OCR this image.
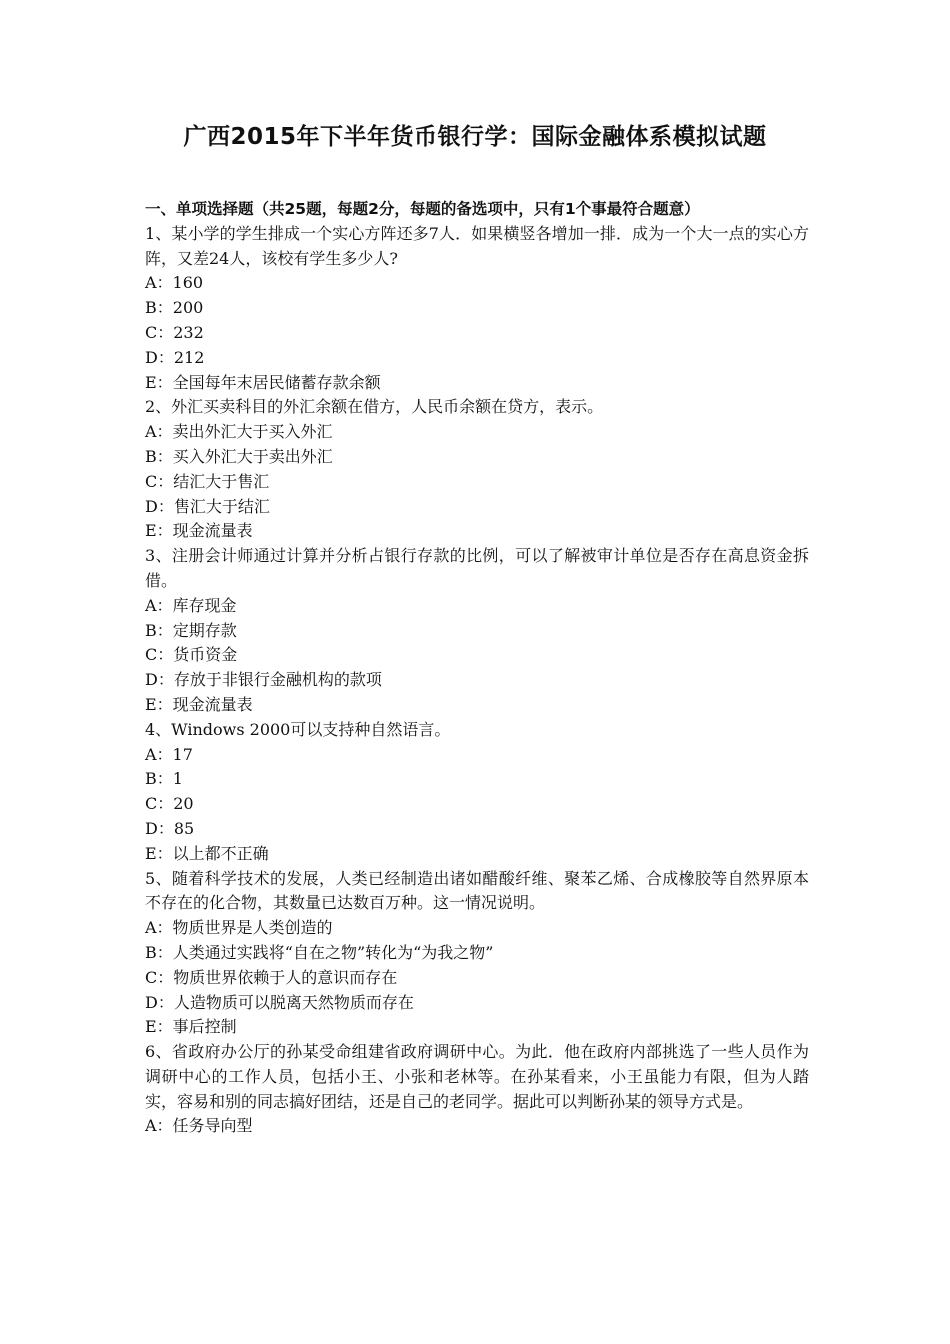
广西2015年下半年货币银行学：国际金融体系模拟试题

一、单项选择题（共25题，每题2分，每题的备选项中，只有1个事最符合题意）

1、某小学的学生排成一个实心方阵还多7人．如果横竖各增加一排．成为一个大一点的实心方阵，又差24人，该校有学生多少人?

A：160

B：200

C：232

D：212

E：全国每年末居民储蓄存款余额

2、外汇买卖科目的外汇余额在借方，人民币余额在贷方，表示。

A：卖出外汇大于买入外汇

B：买入外汇大于卖出外汇

C：结汇大于售汇

D：售汇大于结汇

E：现金流量表

3、注册会计师通过计算并分析占银行存款的比例，可以了解被审计单位是否存在高息资金拆借。

A：库存现金

B：定期存款

C：货币资金

D：存放于非银行金融机构的款项

E：现金流量表

4、Windows 2000可以支持种自然语言。

A：17

B：1

C：20

D：85

E：以上都不正确

5、随着科学技术的发展，人类已经制造出诸如醋酸纤维、聚苯乙烯、合成橡胶等自然界原本不存在的化合物，其数量已达数百万种。这一情况说明。

A：物质世界是人类创造的

B：人类通过实践将“自在之物”转化为“为我之物”

C：物质世界依赖于人的意识而存在

D：人造物质可以脱离天然物质而存在

E：事后控制

6、省政府办公厅的孙某受命组建省政府调研中心。为此．他在政府内部挑选了一些人员作为调研中心的工作人员，包括小王、小张和老林等。在孙某看来，小王虽能力有限，但为人踏实，容易和别的同志搞好团结，还是自己的老同学。据此可以判断孙某的领导方式是。

A：任务导向型
